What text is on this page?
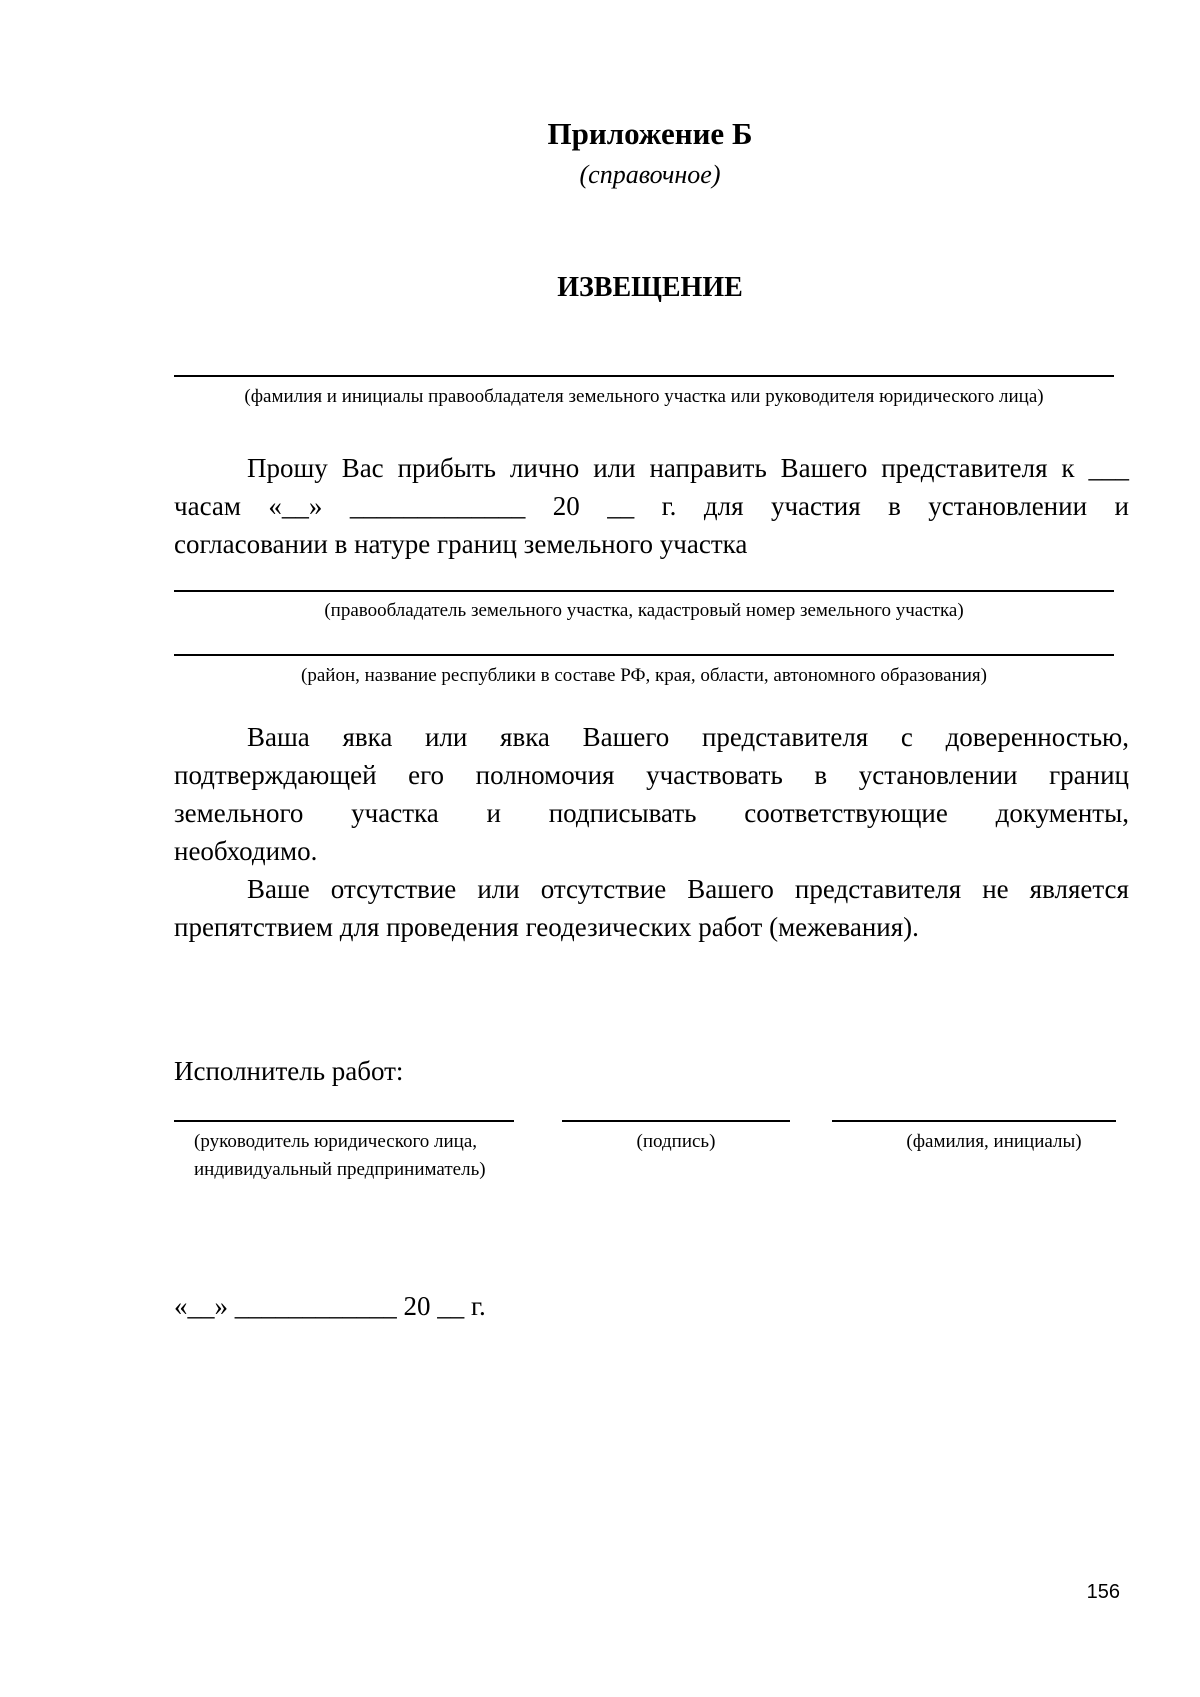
Приложение Б
(справочное)
ИЗВЕЩЕНИЕ
(фамилия и инициалы правообладателя земельного участка или руководителя юридического лица)
Прошу Вас прибыть лично или направить Вашего представителя к ___
часам «__» _____________ 20 __ г. для участия в установлении и
согласовании в натуре границ земельного участка
(правообладатель земельного участка, кадастровый номер земельного участка)
(район, название республики в составе РФ, края, области, автономного образования)
Ваша явка или явка Вашего представителя с доверенностью,
подтверждающей его полномочия участвовать в установлении границ
земельного участка и подписывать соответствующие документы,
необходимо.
Ваше отсутствие или отсутствие Вашего представителя не является
препятствием для проведения геодезических работ (межевания).
Исполнитель работ:
(руководитель юридического лица,
индивидуальный предприниматель)
(подпись)	(фамилия, инициалы)
«__» ____________ 20 __ г.
156
